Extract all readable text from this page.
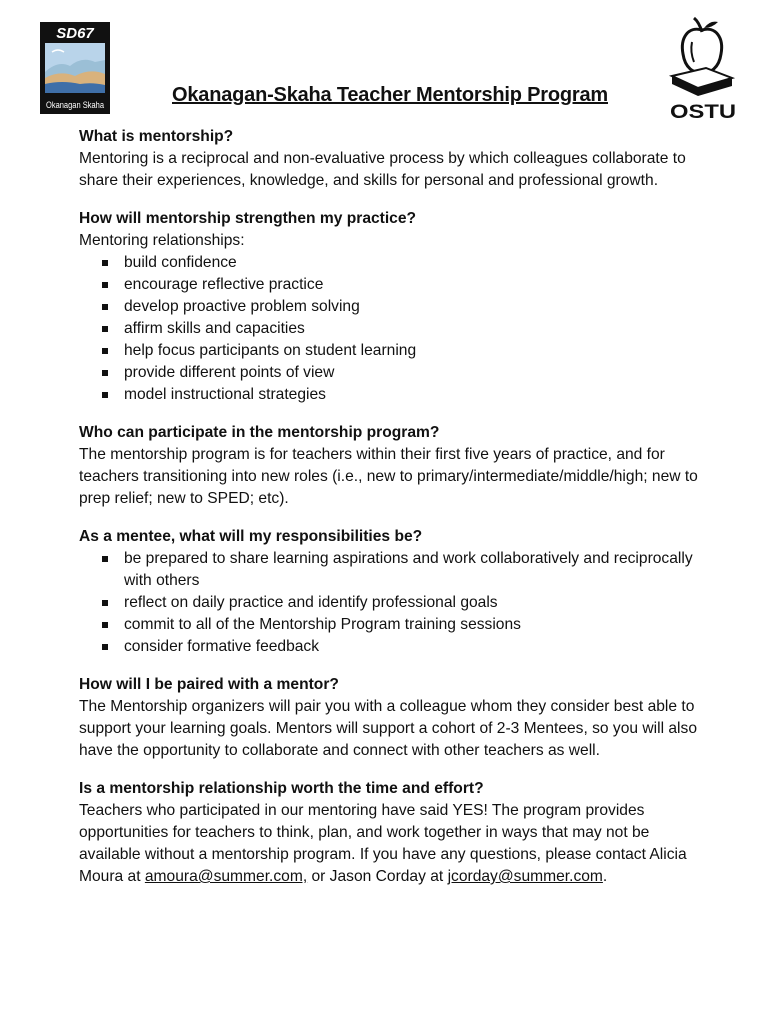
SD67
Okanagan Skaha	OSTU
Okanagan-Skaha Teacher Mentorship Program

What is mentorship?

Mentoring is a reciprocal and non-evaluative process by which colleagues collaborate to share their experiences, knowledge, and skills for personal and professional growth.

How will mentorship strengthen my practice?

Mentoring relationships:

build confidence
encourage reflective practice
develop proactive problem solving
affirm skills and capacities
help focus participants on student learning
provide different points of view
model instructional strategies

Who can participate in the mentorship program?

The mentorship program is for teachers within their first five years of practice, and for teachers transitioning into new roles (i.e., new to primary/intermediate/middle/high; new to prep relief; new to SPED; etc).

As a mentee, what will my responsibilities be?

be prepared to share learning aspirations and work collaboratively and reciprocally with others
reflect on daily practice and identify professional goals
commit to all of the Mentorship Program training sessions
consider formative feedback

How will I be paired with a mentor?

The Mentorship organizers will pair you with a colleague whom they consider best able to support your learning goals. Mentors will support a cohort of 2-3 Mentees, so you will also have the opportunity to collaborate and connect with other teachers as well.

Is a mentorship relationship worth the time and effort?

Teachers who participated in our mentoring have said YES! The program provides opportunities for teachers to think, plan, and work together in ways that may not be available without a mentorship program. If you have any questions, please contact Alicia Moura at amoura@summer.com, or Jason Corday at jcorday@summer.com.
